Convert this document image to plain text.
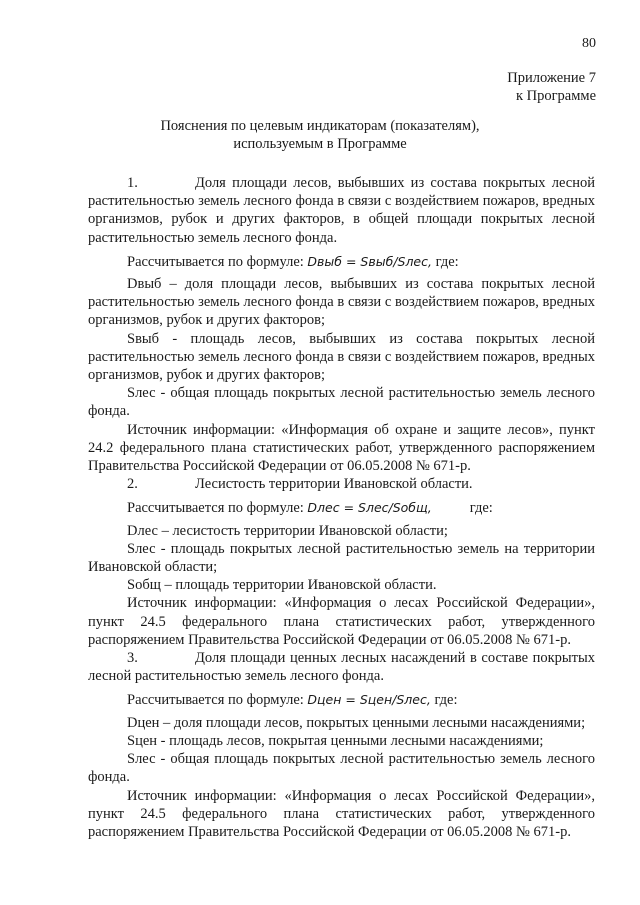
80
Приложение 7
к Программе
Пояснения по целевым индикаторам (показателям),
используемым в Программе

1.	Доля площади лесов, выбывших из состава покрытых лесной растительностью земель лесного фонда в связи с воздействием пожаров, вредных организмов, рубок и других факторов, в общей площади покрытых лесной растительностью земель лесного фонда.

Рассчитывается по формуле: Dвыб = Sвыб/Sлес, где:

Dвыб – доля площади лесов, выбывших из состава покрытых лесной растительностью земель лесного фонда в связи с воздействием пожаров, вредных организмов, рубок и других факторов;

Sвыб - площадь лесов, выбывших из состава покрытых лесной растительностью земель лесного фонда в связи с воздействием пожаров, вредных организмов, рубок и других факторов;

Sлес - общая площадь покрытых лесной растительностью земель лесного фонда.

Источник информации: «Информация об охране и защите лесов», пункт 24.2 федерального плана статистических работ, утвержденного распоряжением Правительства Российской Федерации от 06.05.2008 № 671-р.

2.	Лесистость территории Ивановской области.

Рассчитывается по формуле: Dлес = Sлес/Sобщ,	где:

Dлес – лесистость территории Ивановской области;

Sлес - площадь покрытых лесной растительностью земель на территории Ивановской области;

Sобщ – площадь территории Ивановской области.

Источник информации: «Информация о лесах Российской Федерации», пункт 24.5 федерального плана статистических работ, утвержденного распоряжением Правительства Российской Федерации от 06.05.2008 № 671-р.

3.	Доля площади ценных лесных насаждений в составе покрытых лесной растительностью земель лесного фонда.

Рассчитывается по формуле: Dцен = Sцен/Sлес, где:

Dцен – доля площади лесов, покрытых ценными лесными насаждениями;

Sцен - площадь лесов, покрытая ценными лесными насаждениями;

Sлес - общая площадь покрытых лесной растительностью земель лесного фонда.

Источник информации: «Информация о лесах Российской Федерации», пункт 24.5 федерального плана статистических работ, утвержденного распоряжением Правительства Российской Федерации от 06.05.2008 № 671-р.
